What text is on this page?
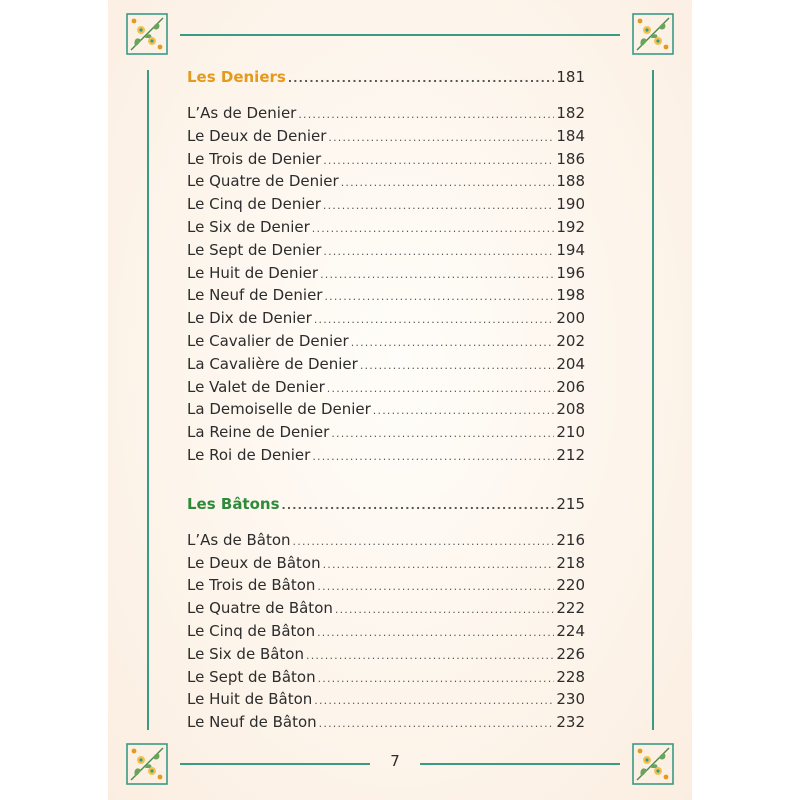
Les Deniers .....	181
L’As de Denier .....	182
Le Deux de Denier .....	184
Le Trois de Denier .....	186
Le Quatre de Denier .....	188
Le Cinq de Denier .....	190
Le Six de Denier .....	192
Le Sept de Denier .....	194
Le Huit de Denier .....	196
Le Neuf de Denier .....	198
Le Dix de Denier .....	200
Le Cavalier de Denier .....	202
La Cavalière de Denier .....	204
Le Valet de Denier .....	206
La Demoiselle de Denier .....	208
La Reine de Denier .....	210
Le Roi de Denier .....	212
Les Bâtons .....	215
L’As de Bâton .....	216
Le Deux de Bâton .....	218
Le Trois de Bâton .....	220
Le Quatre de Bâton .....	222
Le Cinq de Bâton .....	224
Le Six de Bâton .....	226
Le Sept de Bâton .....	228
Le Huit de Bâton .....	230
Le Neuf de Bâton .....	232
7
